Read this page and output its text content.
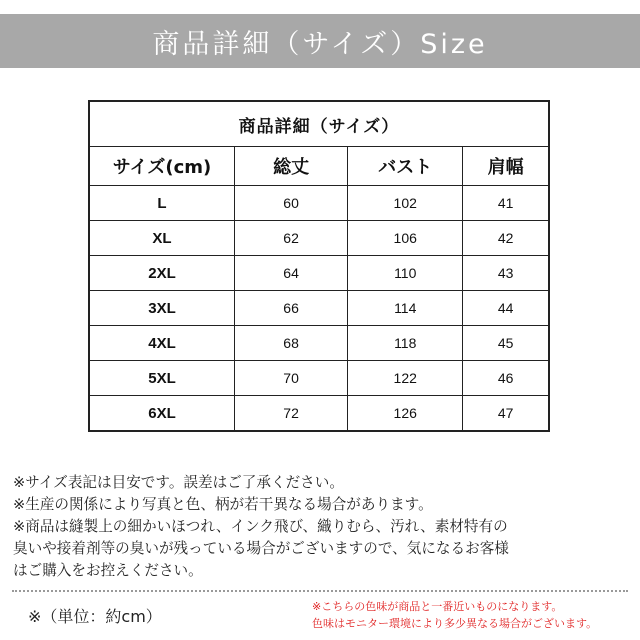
商品詳細（サイズ）Size
商品詳細（サイズ）			
サイズ(cm)	総丈	バスト	肩幅
L	60	102	41
XL	62	106	42
2XL	64	110	43
3XL	66	114	44
4XL	68	118	45
5XL	70	122	46
6XL	72	126	47
※サイズ表記は目安です。誤差はご了承ください。
※生産の関係により写真と色、柄が若干異なる場合があります。
※商品は縫製上の細かいほつれ、インク飛び、織りむら、汚れ、素材特有の
臭いや接着剤等の臭いが残っている場合がございますので、気になるお客様
はご購入をお控えください。
※（単位：約cm）
※こちらの色味が商品と一番近いものになります。
色味はモニター環境により多少異なる場合がございます。
